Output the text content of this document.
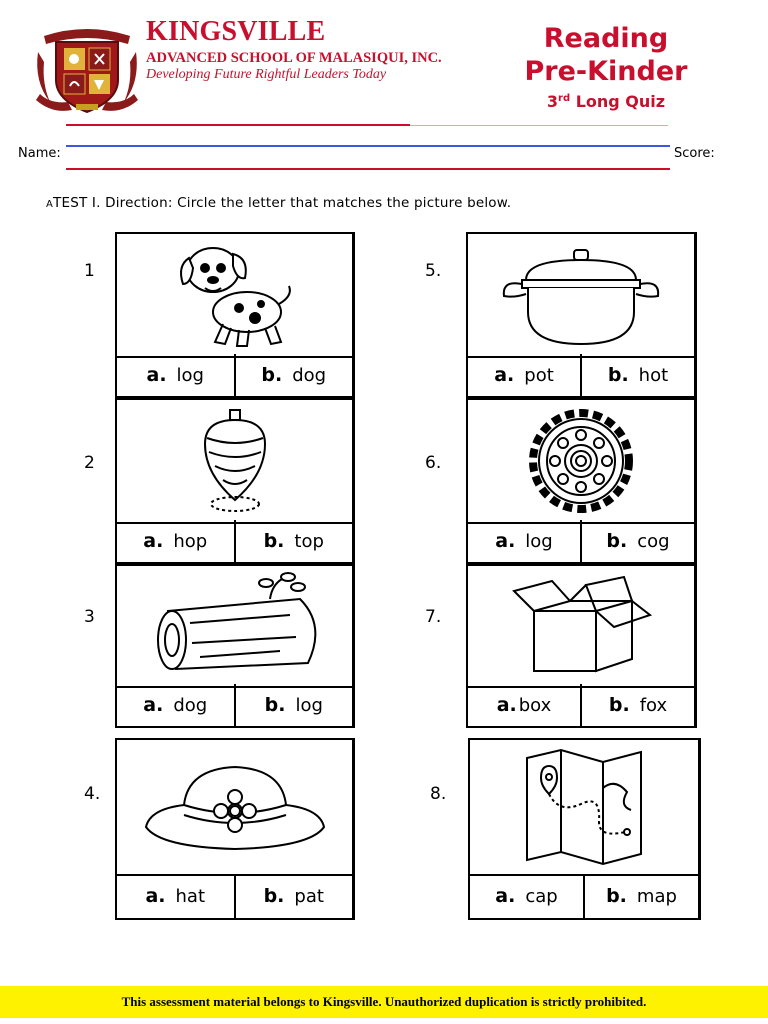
KINGSVILLE
ADVANCED SCHOOL OF MALASIQUI, INC.
Developing Future Rightful Leaders Today
Reading
Pre-Kinder
3rd Long Quiz
Name:	Score:
ATEST I. Direction: Circle the letter that matches the picture below.
1
a. log	b. dog
2
a. hop	b. top
3
a. dog	b. log
4.
a. hat	b. pat
5.
a. pot	b. hot
6.
a. log	b. cog
7.
a. box	b. fox
8.
a. cap	b. map
This assessment material belongs to Kingsville. Unauthorized duplication is strictly prohibited.
